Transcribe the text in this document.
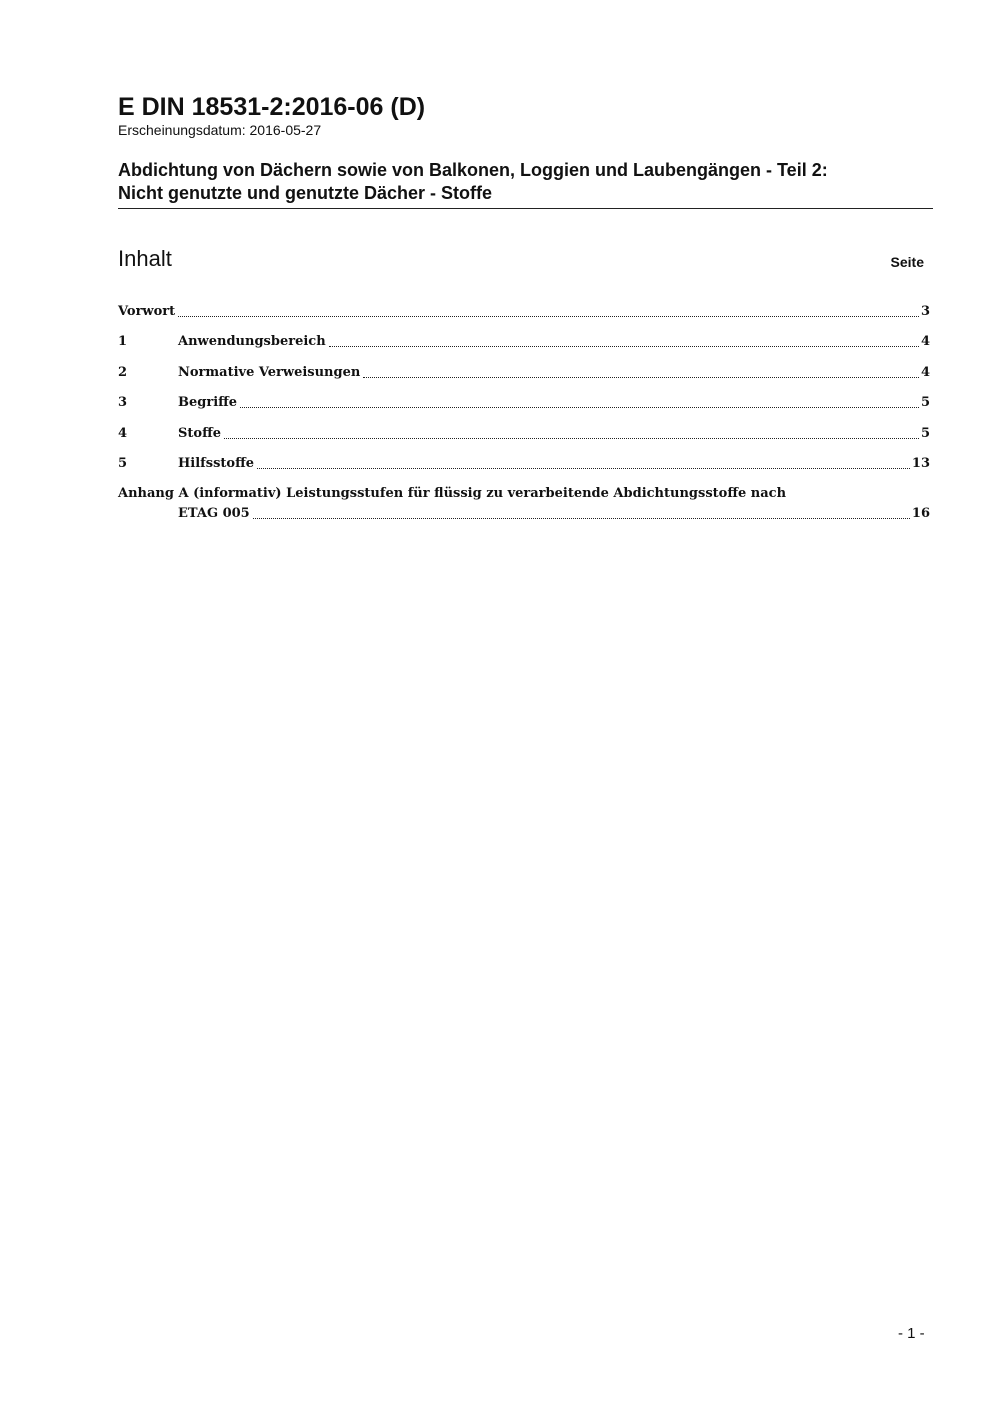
E DIN 18531-2:2016-06 (D)
Erscheinungsdatum: 2016-05-27
Abdichtung von Dächern sowie von Balkonen, Loggien und Laubengängen - Teil 2:
Nicht genutzte und genutzte Dächer - Stoffe
Inhalt	Seite
Vorwort	3
1	Anwendungsbereich	4
2	Normative Verweisungen	4
3	Begriffe	5
4	Stoffe	5
5	Hilfsstoffe	13
Anhang A (informativ) Leistungsstufen für flüssig zu verarbeitende Abdichtungsstoffe nach
ETAG 005	16
- 1 -
